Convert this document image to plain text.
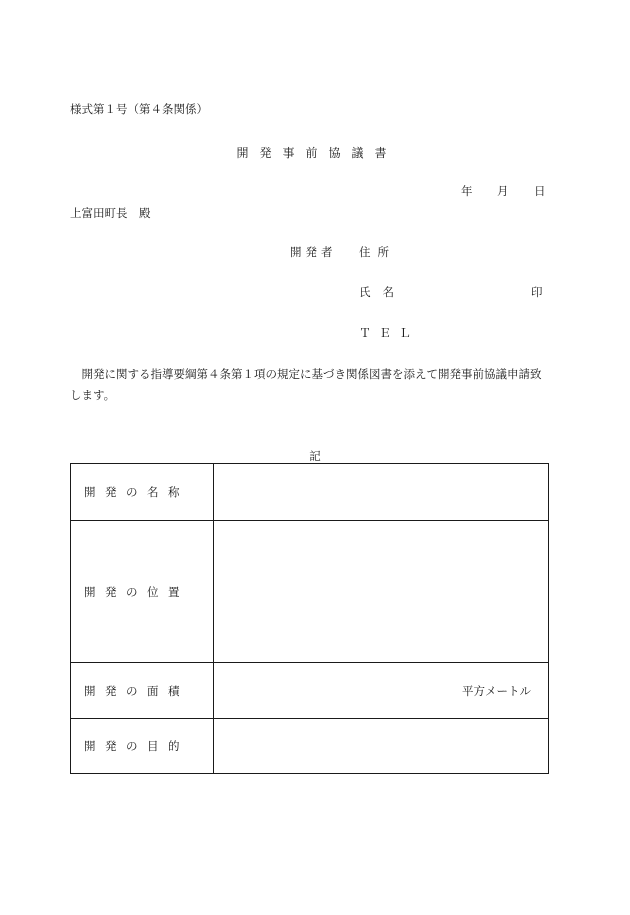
様式第１号（第４条関係）
開発事前協議書
年 月 日
上富田町長　殿
開発者 住所
氏名	印
ＴＥＬ
開発に関する指導要綱第４条第１項の規定に基づき関係図書を添えて開発事前協議申請致します。
記
開発の名称	
開発の位置	
開発の面積	平方メートル
開発の目的	
